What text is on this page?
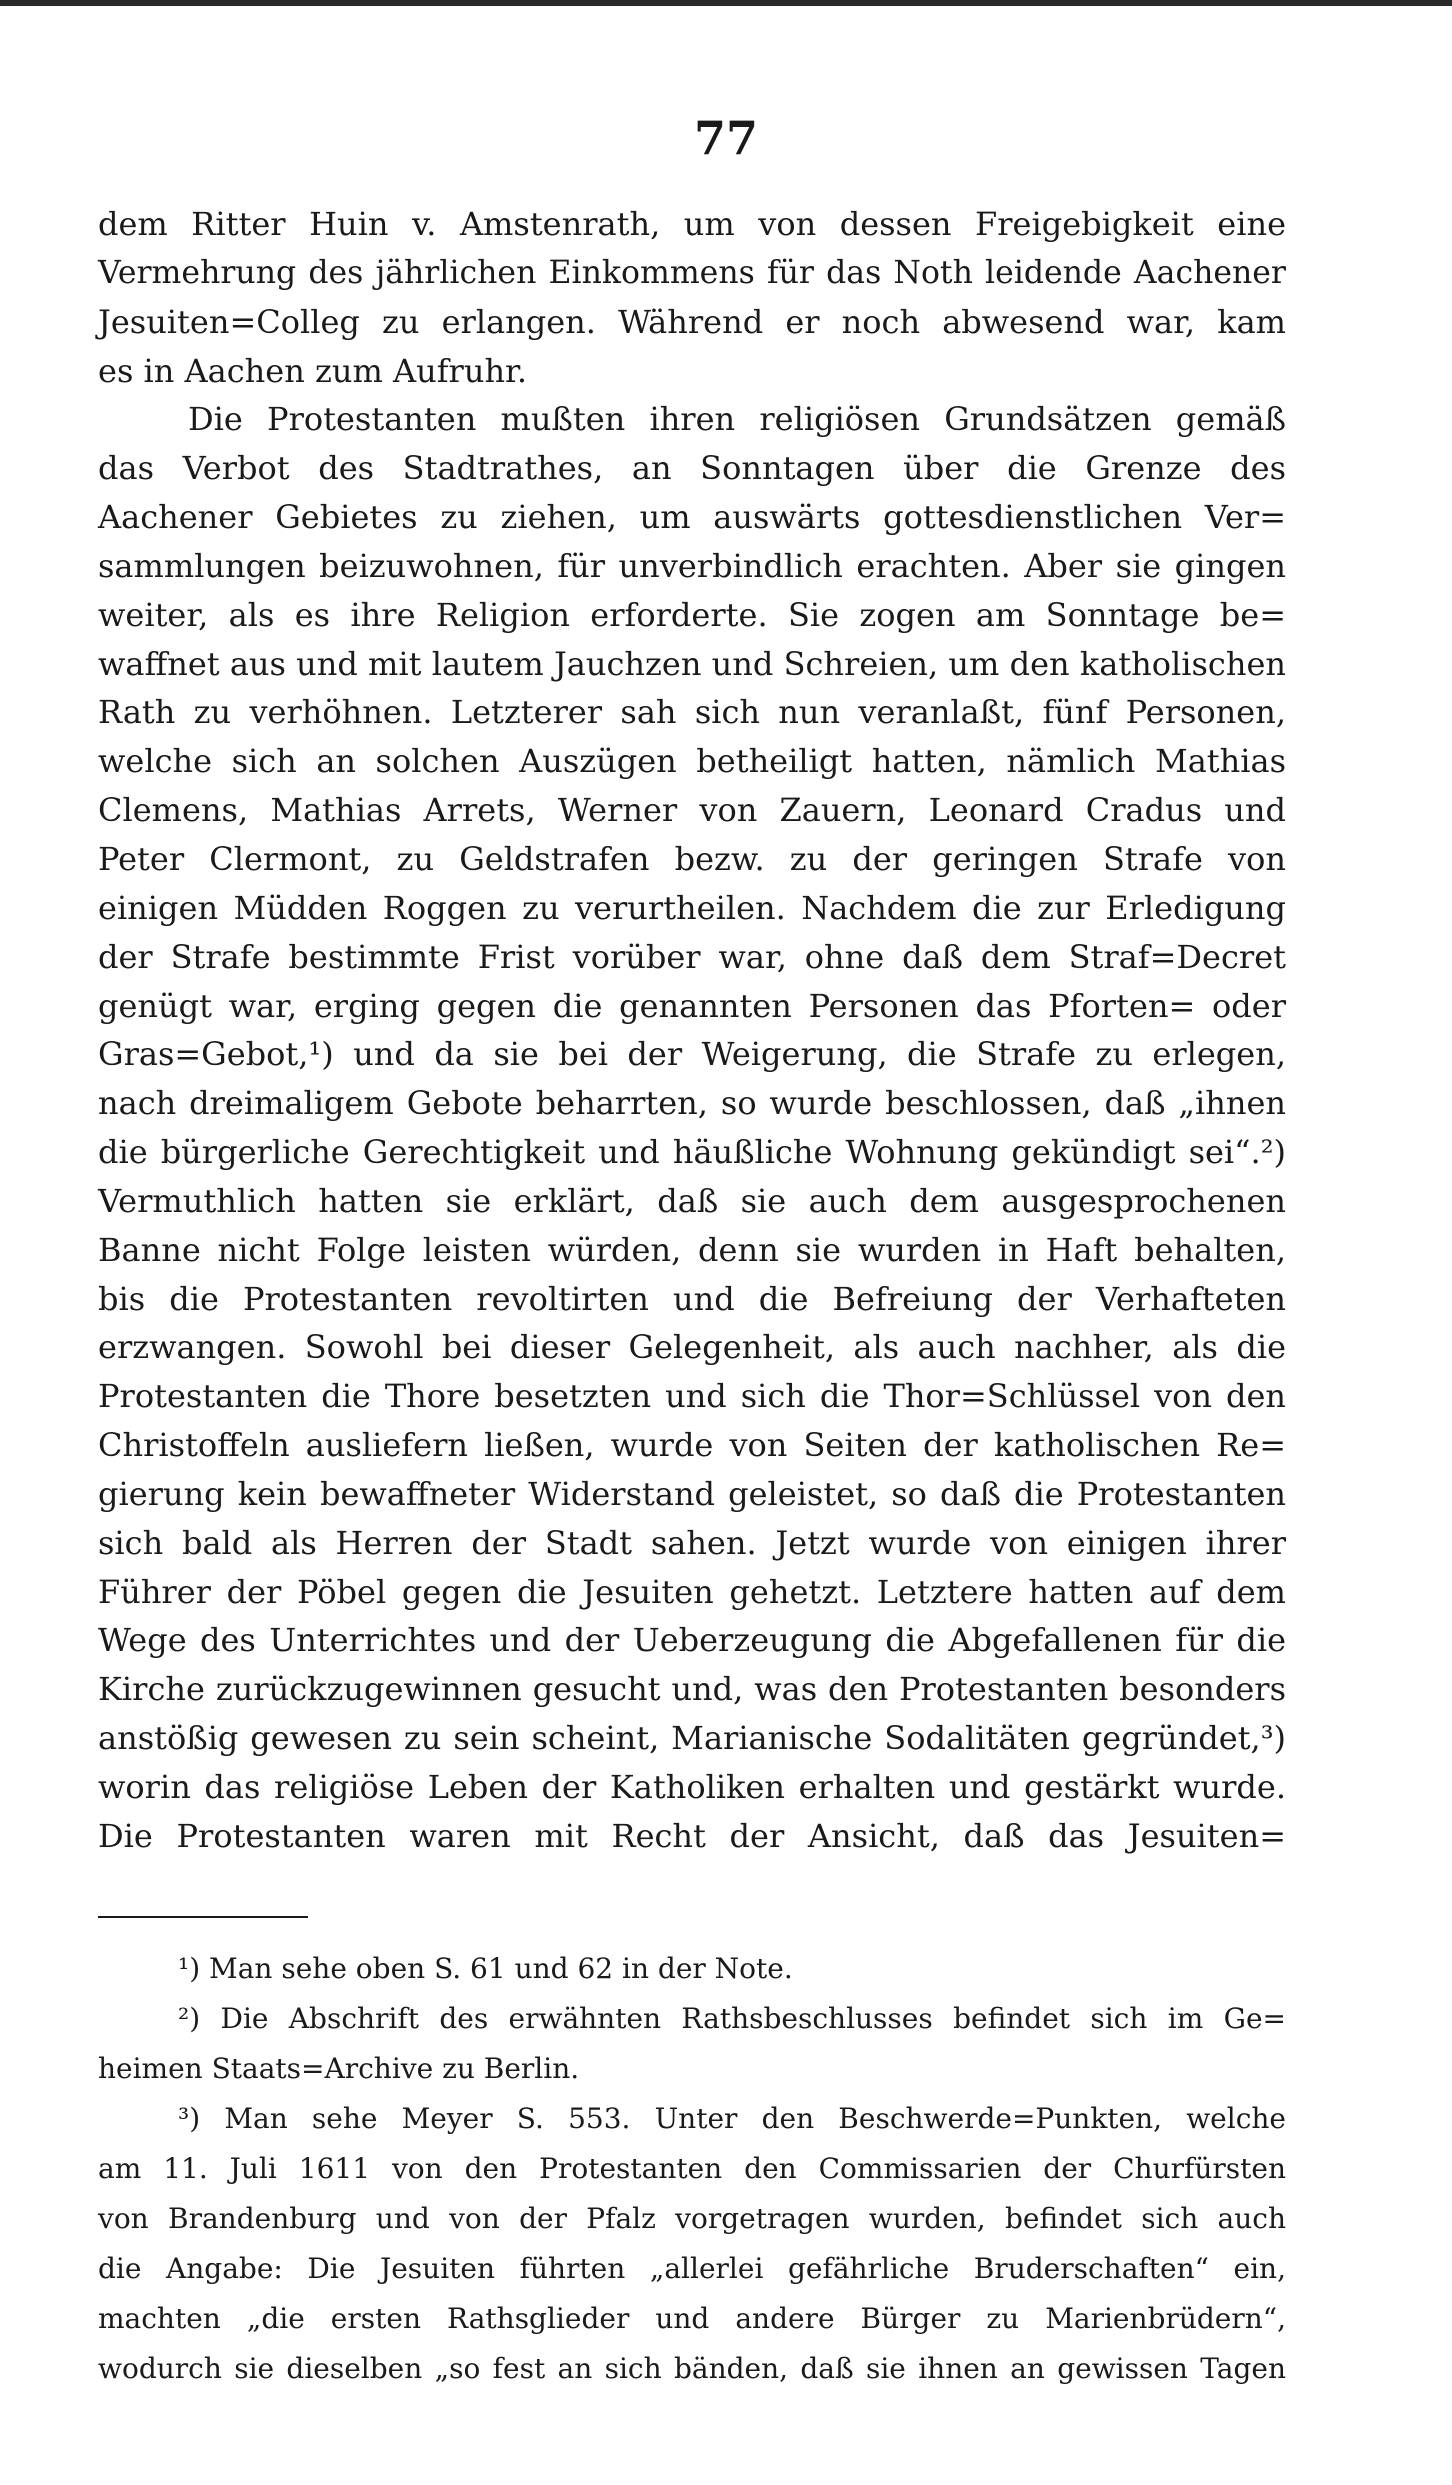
77
dem Ritter Huin v. Amstenrath, um von dessen Freigebigkeit eine
Vermehrung des jährlichen Einkommens für das Noth leidende Aachener
Jesuiten=Colleg zu erlangen. Während er noch abwesend war, kam
es in Aachen zum Aufruhr.
Die Protestanten mußten ihren religiösen Grundsätzen gemäß
das Verbot des Stadtrathes, an Sonntagen über die Grenze des
Aachener Gebietes zu ziehen, um auswärts gottesdienstlichen Ver=
sammlungen beizuwohnen, für unverbindlich erachten. Aber sie gingen
weiter, als es ihre Religion erforderte. Sie zogen am Sonntage be=
waffnet aus und mit lautem Jauchzen und Schreien, um den katholischen
Rath zu verhöhnen. Letzterer sah sich nun veranlaßt, fünf Personen,
welche sich an solchen Auszügen betheiligt hatten, nämlich Mathias
Clemens, Mathias Arrets, Werner von Zauern, Leonard Cradus und
Peter Clermont, zu Geldstrafen bezw. zu der geringen Strafe von
einigen Müdden Roggen zu verurtheilen. Nachdem die zur Erledigung
der Strafe bestimmte Frist vorüber war, ohne daß dem Straf=Decret
genügt war, erging gegen die genannten Personen das Pforten= oder
Gras=Gebot,¹) und da sie bei der Weigerung, die Strafe zu erlegen,
nach dreimaligem Gebote beharrten, so wurde beschlossen, daß „ihnen
die bürgerliche Gerechtigkeit und häußliche Wohnung gekündigt sei“.²)
Vermuthlich hatten sie erklärt, daß sie auch dem ausgesprochenen
Banne nicht Folge leisten würden, denn sie wurden in Haft behalten,
bis die Protestanten revoltirten und die Befreiung der Verhafteten
erzwangen. Sowohl bei dieser Gelegenheit, als auch nachher, als die
Protestanten die Thore besetzten und sich die Thor=Schlüssel von den
Christoffeln ausliefern ließen, wurde von Seiten der katholischen Re=
gierung kein bewaffneter Widerstand geleistet, so daß die Protestanten
sich bald als Herren der Stadt sahen. Jetzt wurde von einigen ihrer
Führer der Pöbel gegen die Jesuiten gehetzt. Letztere hatten auf dem
Wege des Unterrichtes und der Ueberzeugung die Abgefallenen für die
Kirche zurückzugewinnen gesucht und, was den Protestanten besonders
anstößig gewesen zu sein scheint, Marianische Sodalitäten gegründet,³)
worin das religiöse Leben der Katholiken erhalten und gestärkt wurde.
Die Protestanten waren mit Recht der Ansicht, daß das Jesuiten=
¹) Man sehe oben S. 61 und 62 in der Note.
²) Die Abschrift des erwähnten Rathsbeschlusses befindet sich im Ge=
heimen Staats=Archive zu Berlin.
³) Man sehe Meyer S. 553. Unter den Beschwerde=Punkten, welche
am 11. Juli 1611 von den Protestanten den Commissarien der Churfürsten
von Brandenburg und von der Pfalz vorgetragen wurden, befindet sich auch
die Angabe: Die Jesuiten führten „allerlei gefährliche Bruderschaften“ ein,
machten „die ersten Rathsglieder und andere Bürger zu Marienbrüdern“,
wodurch sie dieselben „so fest an sich bänden, daß sie ihnen an gewissen Tagen
